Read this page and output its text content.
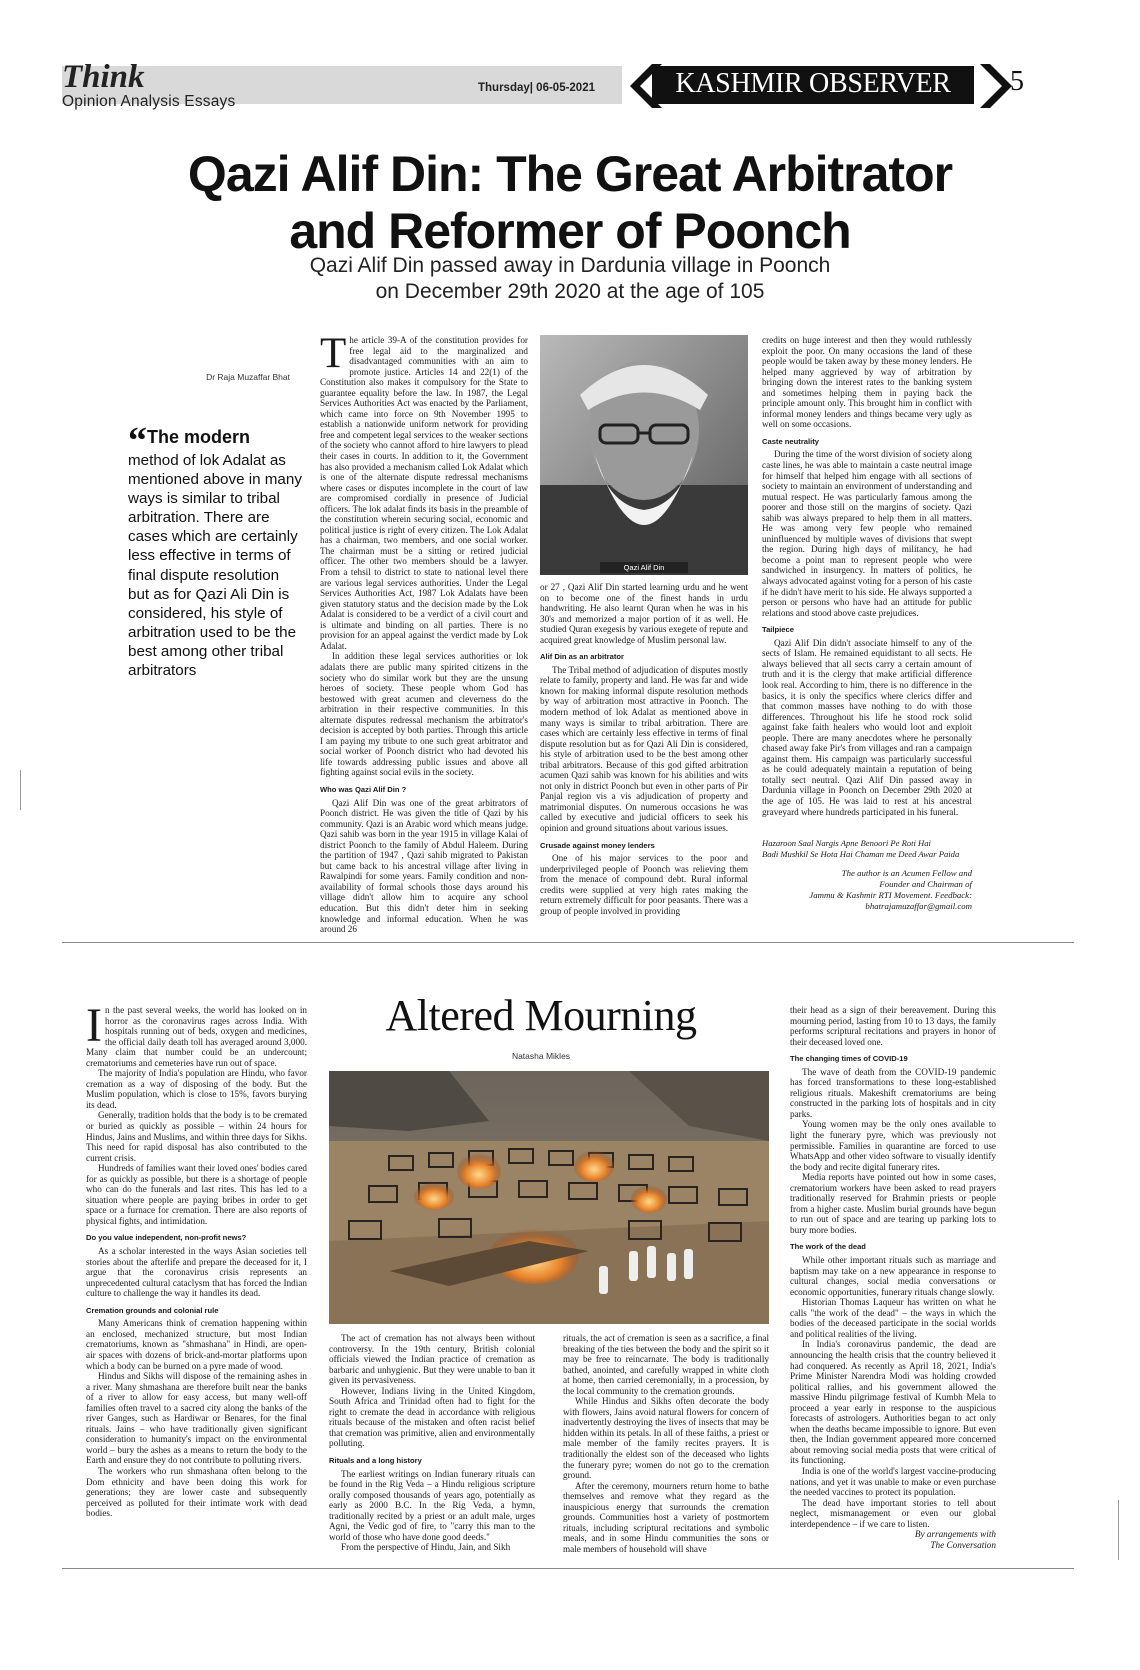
Think
Opinion Analysis Essays
Thursday| 06-05-2021	KASHMIR OBSERVER	5
Qazi Alif Din: The Great Arbitrator
and Reformer of Poonch
Qazi Alif Din passed away in Dardunia village in Poonch
on December 29th 2020 at the age of 105
Dr Raja Muzaffar Bhat
“The modern method of lok Adalat as mentioned above in many ways is similar to tribal arbitration. There are cases which are certainly less effective in terms of final dispute resolution but as for Qazi Ali Din is considered, his style of arbitration used to be the best among other tribal arbitrators

The article 39-A of the constitution provides for free legal aid to the marginalized and disadvantaged communities with an aim to promote justice. Articles 14 and 22(1) of the Constitution also makes it compulsory for the State to guarantee equality before the law. In 1987, the Legal Services Authorities Act was enacted by the Parliament, which came into force on 9th November 1995 to establish a nationwide uniform network for providing free and competent legal services to the weaker sections of the society who cannot afford to hire lawyers to plead their cases in courts. In addition to it, the Government has also provided a mechanism called Lok Adalat which is one of the alternate dispute redressal mechanisms where cases or disputes incomplete in the court of law are compromised cordially in presence of Judicial officers. The lok adalat finds its basis in the preamble of the constitution wherein securing social, economic and political justice is right of every citizen. The Lok Adalat has a chairman, two members, and one social worker. The chairman must be a sitting or retired judicial officer. The other two members should be a lawyer. From a tehsil to district to state to national level there are various legal services authorities. Under the Legal Services Authorities Act, 1987 Lok Adalats have been given statutory status and the decision made by the Lok Adalat is considered to be a verdict of a civil court and is ultimate and binding on all parties. There is no provision for an appeal against the verdict made by Lok Adalat.

In addition these legal services authorities or lok adalats there are public many spirited citizens in the society who do similar work but they are the unsung heroes of society. These people whom God has bestowed with great acumen and cleverness do the arbitration in their respective communities. In this alternate disputes redressal mechanism the arbitrator's decision is accepted by both parties. Through this article I am paying my tribute to one such great arbitrator and social worker of Poonch district who had devoted his life towards addressing public issues and above all fighting against social evils in the society.

Who was Qazi Alif Din ?

Qazi Alif Din was one of the great arbitrators of Poonch district. He was given the title of Qazi by his community. Qazi is an Arabic word which means judge. Qazi sahib was born in the year 1915 in village Kalai of district Poonch to the family of Abdul Haleem. During the partition of 1947 , Qazi sahib migrated to Pakistan but came back to his ancestral village after living in Rawalpindi for some years. Family condition and non-availability of formal schools those days around his village didn't allow him to acquire any school education. But this didn't deter him in seeking knowledge and informal education. When he was around 26

Qazi Alif Din

or 27 , Qazi Alif Din started learning urdu and he went on to become one of the finest hands in urdu handwriting. He also learnt Quran when he was in his 30's and memorized a major portion of it as well. He studied Quran exegesis by various exegete of repute and acquired great knowledge of Muslim personal law.

Alif Din as an arbitrator

The Tribal method of adjudication of disputes mostly relate to family, property and land. He was far and wide known for making informal dispute resolution methods by way of arbitration most attractive in Poonch. The modern method of lok Adalat as mentioned above in many ways is similar to tribal arbitration. There are cases which are certainly less effective in terms of final dispute resolution but as for Qazi Ali Din is considered, his style of arbitration used to be the best among other tribal arbitrators. Because of this god gifted arbitration acumen Qazi sahib was known for his abilities and wits not only in district Poonch but even in other parts of Pir Panjal region vis a vis adjudication of property and matrimonial disputes. On numerous occasions he was called by executive and judicial officers to seek his opinion and ground situations about various issues.

Crusade against money lenders

One of his major services to the poor and underprivileged people of Poonch was relieving them from the menace of compound debt. Rural informal credits were supplied at very high rates making the return extremely difficult for poor peasants. There was a group of people involved in providing

credits on huge interest and then they would ruthlessly exploit the poor. On many occasions the land of these people would be taken away by these money lenders. He helped many aggrieved by way of arbitration by bringing down the interest rates to the banking system and sometimes helping them in paying back the principle amount only. This brought him in conflict with informal money lenders and things became very ugly as well on some occasions.

Caste neutrality

During the time of the worst division of society along caste lines, he was able to maintain a caste neutral image for himself that helped him engage with all sections of society to maintain an environment of understanding and mutual respect. He was particularly famous among the poorer and those still on the margins of society. Qazi sahib was always prepared to help them in all matters. He was among very few people who remained uninfluenced by multiple waves of divisions that swept the region. During high days of militancy, he had become a point man to represent people who were sandwiched in insurgency. In matters of politics, he always advocated against voting for a person of his caste if he didn't have merit to his side. He always supported a person or persons who have had an attitude for public relations and stood above caste prejudices.

Tailpiece

Qazi Alif Din didn't associate himself to any of the sects of Islam. He remained equidistant to all sects. He always believed that all sects carry a certain amount of truth and it is the clergy that make artificial difference look real. According to him, there is no difference in the basics, it is only the specifics where clerics differ and that common masses have nothing to do with those differences. Throughout his life he stood rock solid against fake faith healers who would loot and exploit people. There are many anecdotes where he personally chased away fake Pir's from villages and ran a campaign against them. His campaign was particularly successful as he could adequately maintain a reputation of being totally sect neutral. Qazi Alif Din passed away in Dardunia village in Poonch on December 29th 2020 at the age of 105. He was laid to rest at his ancestral graveyard where hundreds participated in his funeral.

Hazaroon Saal Nargis Apne Benoori Pe Roti Hai
Badi Mushkil Se Hota Hai Chaman me Deed Awar Paida
The author is an Acumen Fellow and
Founder and Chairman of
Jammu & Kashmir RTI Movement. Feedback:
bhatrajamuzaffar@gmail.com

In the past several weeks, the world has looked on in horror as the coronavirus rages across India. With hospitals running out of beds, oxygen and medicines, the official daily death toll has averaged around 3,000. Many claim that number could be an undercount; crematoriums and cemeteries have run out of space.

The majority of India's population are Hindu, who favor cremation as a way of disposing of the body. But the Muslim population, which is close to 15%, favors burying its dead.

Generally, tradition holds that the body is to be cremated or buried as quickly as possible – within 24 hours for Hindus, Jains and Muslims, and within three days for Sikhs. This need for rapid disposal has also contributed to the current crisis.

Hundreds of families want their loved ones' bodies cared for as quickly as possible, but there is a shortage of people who can do the funerals and last rites. This has led to a situation where people are paying bribes in order to get space or a furnace for cremation. There are also reports of physical fights, and intimidation.

Do you value independent, non-profit news?

As a scholar interested in the ways Asian societies tell stories about the afterlife and prepare the deceased for it, I argue that the coronavirus crisis represents an unprecedented cultural cataclysm that has forced the Indian culture to challenge the way it handles its dead.

Cremation grounds and colonial rule

Many Americans think of cremation happening within an enclosed, mechanized structure, but most Indian crematoriums, known as "shmashana" in Hindi, are open-air spaces with dozens of brick-and-mortar platforms upon which a body can be burned on a pyre made of wood.

Hindus and Sikhs will dispose of the remaining ashes in a river. Many shmashana are therefore built near the banks of a river to allow for easy access, but many well-off families often travel to a sacred city along the banks of the river Ganges, such as Hardiwar or Benares, for the final rituals. Jains – who have traditionally given significant consideration to humanity's impact on the environmental world – bury the ashes as a means to return the body to the Earth and ensure they do not contribute to polluting rivers.

The workers who run shmashana often belong to the Dom ethnicity and have been doing this work for generations; they are lower caste and subsequently perceived as polluted for their intimate work with dead bodies.

Altered Mourning
Natasha Mikles

The act of cremation has not always been without controversy. In the 19th century, British colonial officials viewed the Indian practice of cremation as barbaric and unhygienic. But they were unable to ban it given its pervasiveness.

However, Indians living in the United Kingdom, South Africa and Trinidad often had to fight for the right to cremate the dead in accordance with religious rituals because of the mistaken and often racist belief that cremation was primitive, alien and environmentally polluting.

Rituals and a long history

The earliest writings on Indian funerary rituals can be found in the Rig Veda – a Hindu religious scripture orally composed thousands of years ago, potentially as early as 2000 B.C. In the Rig Veda, a hymn, traditionally recited by a priest or an adult male, urges Agni, the Vedic god of fire, to "carry this man to the world of those who have done good deeds."

From the perspective of Hindu, Jain, and Sikh

rituals, the act of cremation is seen as a sacrifice, a final breaking of the ties between the body and the spirit so it may be free to reincarnate. The body is traditionally bathed, anointed, and carefully wrapped in white cloth at home, then carried ceremonially, in a procession, by the local community to the cremation grounds.

While Hindus and Sikhs often decorate the body with flowers, Jains avoid natural flowers for concern of inadvertently destroying the lives of insects that may be hidden within its petals. In all of these faiths, a priest or male member of the family recites prayers. It is traditionally the eldest son of the deceased who lights the funerary pyre; women do not go to the cremation ground.

After the ceremony, mourners return home to bathe themselves and remove what they regard as the inauspicious energy that surrounds the cremation grounds. Communities host a variety of postmortem rituals, including scriptural recitations and symbolic meals, and in some Hindu communities the sons or male members of household will shave

their head as a sign of their bereavement. During this mourning period, lasting from 10 to 13 days, the family performs scriptural recitations and prayers in honor of their deceased loved one.

The changing times of COVID-19

The wave of death from the COVID-19 pandemic has forced transformations to these long-established religious rituals. Makeshift crematoriums are being constructed in the parking lots of hospitals and in city parks.

Young women may be the only ones available to light the funerary pyre, which was previously not permissible. Families in quarantine are forced to use WhatsApp and other video software to visually identify the body and recite digital funerary rites.

Media reports have pointed out how in some cases, crematorium workers have been asked to read prayers traditionally reserved for Brahmin priests or people from a higher caste. Muslim burial grounds have begun to run out of space and are tearing up parking lots to bury more bodies.

The work of the dead

While other important rituals such as marriage and baptism may take on a new appearance in response to cultural changes, social media conversations or economic opportunities, funerary rituals change slowly.

Historian Thomas Laqueur has written on what he calls "the work of the dead" – the ways in which the bodies of the deceased participate in the social worlds and political realities of the living.

In India's coronavirus pandemic, the dead are announcing the health crisis that the country believed it had conquered. As recently as April 18, 2021, India's Prime Minister Narendra Modi was holding crowded political rallies, and his government allowed the massive Hindu pilgrimage festival of Kumbh Mela to proceed a year early in response to the auspicious forecasts of astrologers. Authorities began to act only when the deaths became impossible to ignore. But even then, the Indian government appeared more concerned about removing social media posts that were critical of its functioning.

India is one of the world's largest vaccine-producing nations, and yet it was unable to make or even purchase the needed vaccines to protect its population.

The dead have important stories to tell about neglect, mismanagement or even our global interdependence – if we care to listen.

By arrangements with

The Conversation
